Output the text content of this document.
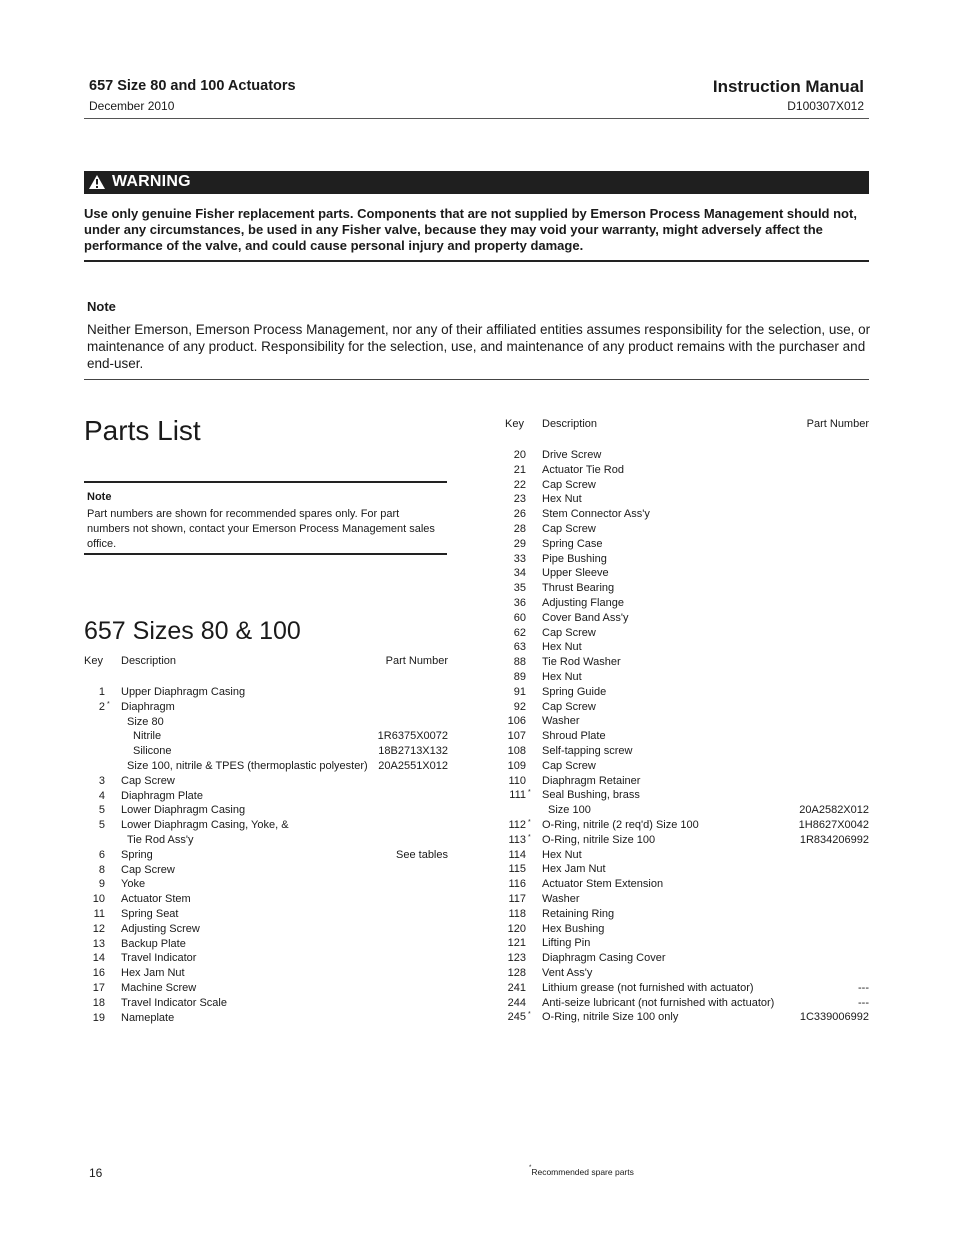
657 Size 80 and 100 Actuators
December 2010
Instruction Manual
D100307X012
WARNING
Use only genuine Fisher replacement parts. Components that are not supplied by Emerson Process Management should not, under any circumstances, be used in any Fisher valve, because they may void your warranty, might adversely affect the performance of the valve, and could cause personal injury and property damage.
Note
Neither Emerson, Emerson Process Management, nor any of their affiliated entities assumes responsibility for the selection, use, or maintenance of any product. Responsibility for the selection, use, and maintenance of any product remains with the purchaser and end-user.
Parts List
Note
Part numbers are shown for recommended spares only. For part numbers not shown, contact your Emerson Process Management sales office.
657 Sizes 80 & 100
Key Description	Part Number
1 Upper Diaphragm Casing
2 * Diaphragm
Size 80
Nitrile	1R6375X0072
Silicone	18B2713X132
Size 100, nitrile & TPES (thermoplastic polyester) 20A2551X012
3 Cap Screw
4 Diaphragm Plate
5 Lower Diaphragm Casing
5 Lower Diaphragm Casing, Yoke, &
Tie Rod Ass'y
6 Spring	See tables
8 Cap Screw
9 Yoke
10 Actuator Stem
11 Spring Seat
12 Adjusting Screw
13 Backup Plate
14 Travel Indicator
16 Hex Jam Nut
17 Machine Screw
18 Travel Indicator Scale
19 Nameplate
Key Description	Part Number
20 Drive Screw
21 Actuator Tie Rod
22 Cap Screw
23 Hex Nut
26 Stem Connector Ass'y
28 Cap Screw
29 Spring Case
33 Pipe Bushing
34 Upper Sleeve
35 Thrust Bearing
36 Adjusting Flange
60 Cover Band Ass'y
62 Cap Screw
63 Hex Nut
88 Tie Rod Washer
89 Hex Nut
91 Spring Guide
92 Cap Screw
106 Washer
107 Shroud Plate
108 Self-tapping screw
109 Cap Screw
110 Diaphragm Retainer
111 * Seal Bushing, brass
Size 100	20A2582X012
112 * O-Ring, nitrile (2 req'd) Size 100	1H8627X0042
113 * O-Ring, nitrile Size 100	1R834206992
114 Hex Nut
115 Hex Jam Nut
116 Actuator Stem Extension
117 Washer
118 Retaining Ring
120 Hex Bushing
121 Lifting Pin
123 Diaphragm Casing Cover
128 Vent Ass'y
241 Lithium grease (not furnished with actuator)	---
244 Anti-seize lubricant (not furnished with actuator)	---
245 * O-Ring, nitrile Size 100 only	1C339006992
16	*Recommended spare parts
